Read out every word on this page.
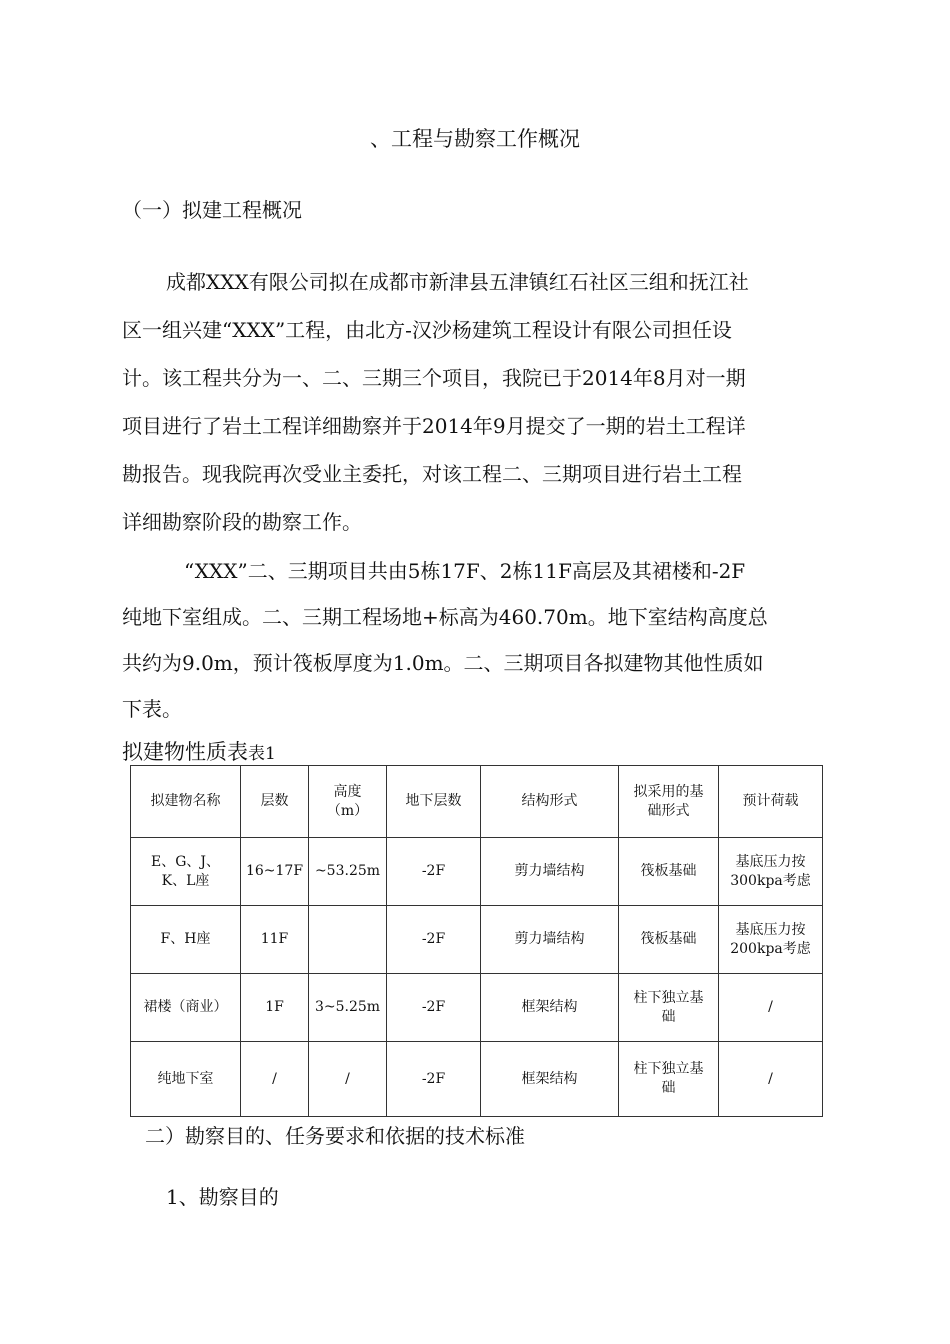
、工程与勘察工作概况
（一）拟建工程概况
成都XXX有限公司拟在成都市新津县五津镇红石社区三组和抚江社
区一组兴建“XXX”工程，由北方-汉沙杨建筑工程设计有限公司担任设
计。该工程共分为一、二、三期三个项目，我院已于2014年8月对一期
项目进行了岩土工程详细勘察并于2014年9月提交了一期的岩土工程详
勘报告。现我院再次受业主委托，对该工程二、三期项目进行岩土工程
详细勘察阶段的勘察工作。
“XXX”二、三期项目共由5栋17F、2栋11F高层及其裙楼和-2F
纯地下室组成。二、三期工程场地+标高为460.70m。地下室结构高度总
共约为9.0m，预计筏板厚度为1.0m。二、三期项目各拟建物其他性质如
下表。
拟建物性质表表1
拟建物名称	层数	高度（m）	地下层数	结构形式	拟采用的基础形式	预计荷载
E、G、J、K、L座	16~17F	~53.25m	-2F	剪力墙结构	筏板基础	基底压力按300kpa考虑
F、H座	11F		-2F	剪力墙结构	筏板基础	基底压力按200kpa考虑
裙楼（商业）	1F	3~5.25m	-2F	框架结构	柱下独立基础	/
纯地下室	/	/	-2F	框架结构	柱下独立基础	/
二）勘察目的、任务要求和依据的技术标准
1、勘察目的
